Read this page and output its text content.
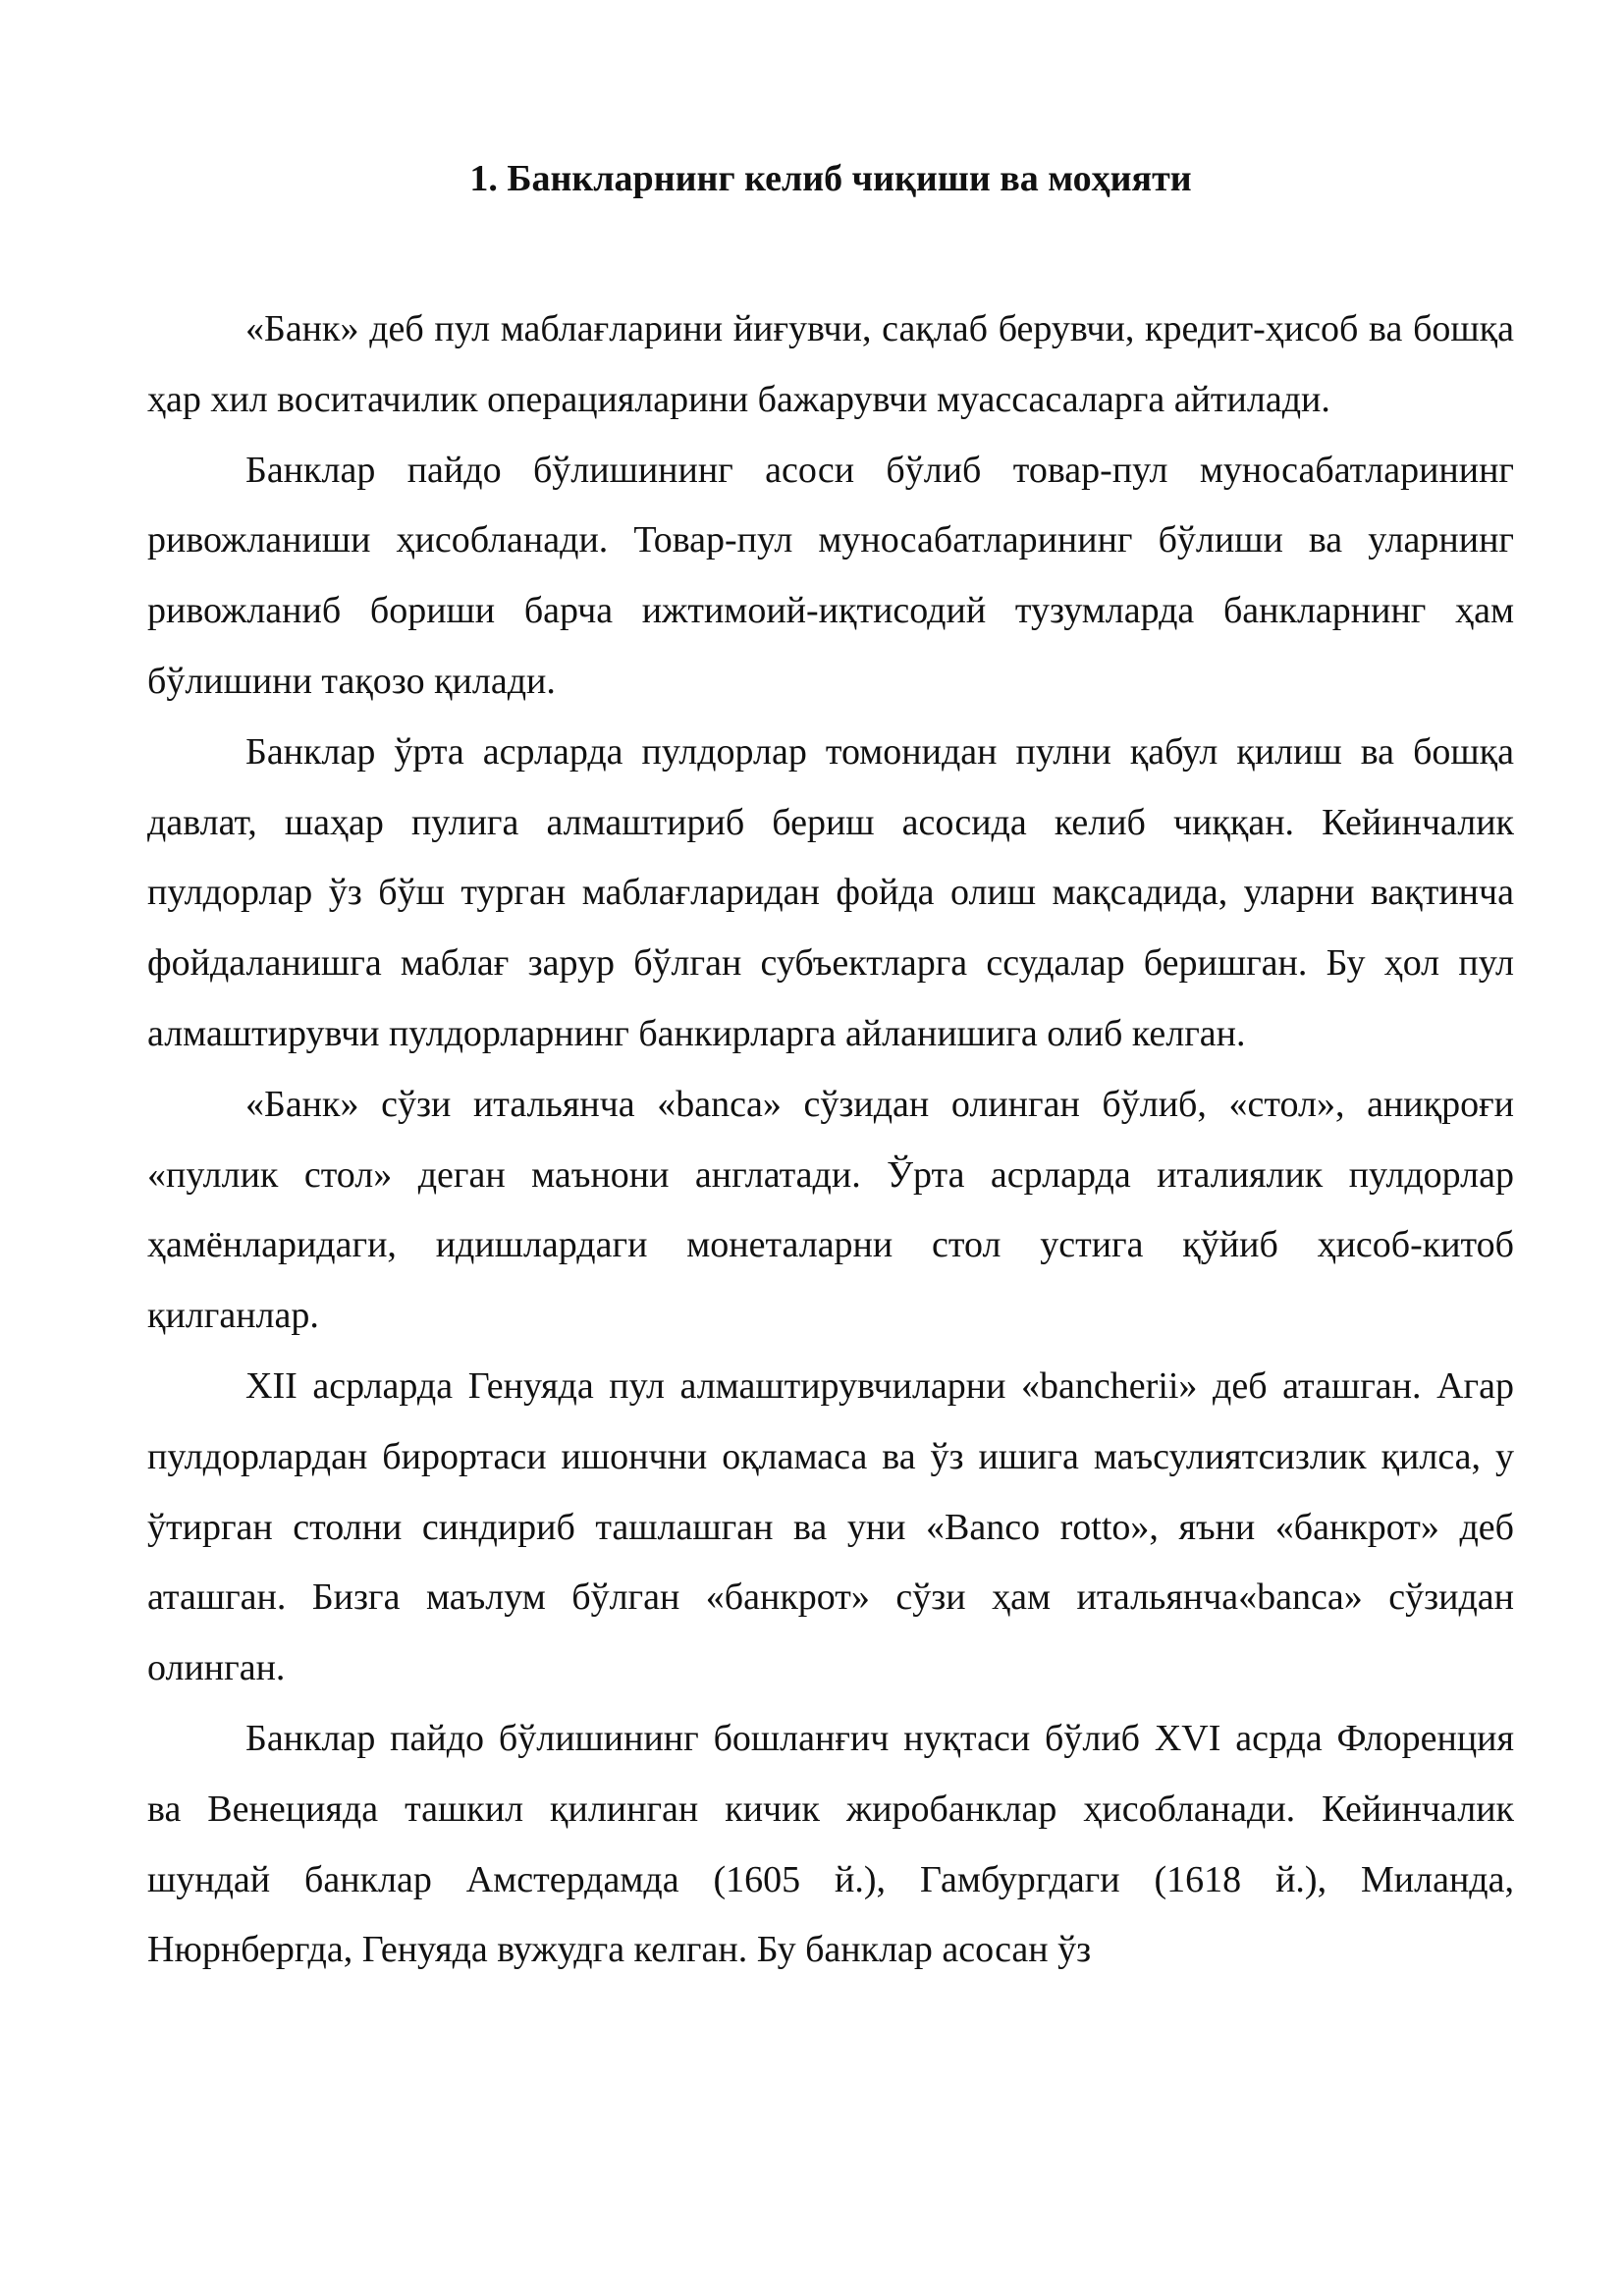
1. Банкларнинг келиб чиқиши ва моҳияти

«Банк» деб пул маблағларини йиғувчи, сақлаб берувчи, кредит-ҳисоб ва бошқа ҳар хил воситачилик операцияларини бажарувчи муассасаларга айтилади.

Банклар пайдо бўлишининг асоси бўлиб товар-пул муносабатларининг ривожланиши ҳисобланади. Товар-пул муносабатларининг бўлиши ва уларнинг ривожланиб бориши барча ижтимоий-иқтисодий тузумларда банкларнинг ҳам бўлишини тақозо қилади.

Банклар ўрта асрларда пулдорлар томонидан пулни қабул қилиш ва бошқа давлат, шаҳар пулига алмаштириб бериш асосида келиб чиққан. Кейинчалик пулдорлар ўз бўш турган маблағларидан фойда олиш мақсадида, уларни вақтинча фойдаланишга маблағ зарур бўлган субъектларга ссудалар беришган. Бу ҳол пул алмаштирувчи пулдорларнинг банкирларга айланишига олиб келган.

«Банк» сўзи итальянча «banca» сўзидан олинган бўлиб, «стол», аниқроғи «пуллик стол» деган маънони англатади. Ўрта асрларда италиялик пулдорлар ҳамёнларидаги, идишлардаги монеталарни стол устига қўйиб ҳисоб-китоб қилганлар.

XII асрларда Генуяда пул алмаштирувчиларни «bancherii» деб аташган. Агар пулдорлардан бирортаси ишончни оқламаса ва ўз ишига маъсулиятсизлик қилса, у ўтирган столни синдириб ташлашган ва уни «Banco rotto», яъни «банкрот» деб аташган. Бизга маълум бўлган «банкрот» сўзи ҳам итальянча«banca» сўзидан олинган.

Банклар пайдо бўлишининг бошланғич нуқтаси бўлиб XVI асрда Флоренция ва Венецияда ташкил қилинган кичик жиробанклар ҳисобланади. Кейинчалик шундай банклар Амстердамда (1605 й.), Гамбургдаги (1618 й.), Миланда, Нюрнбергда, Генуяда вужудга келган. Бу банклар асосан ўз
